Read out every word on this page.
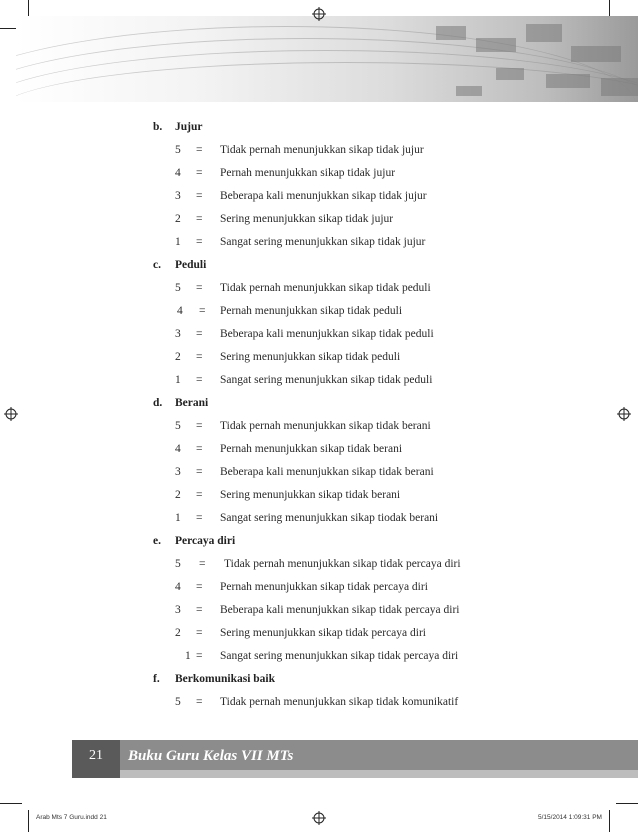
b. Jujur
5 = Tidak pernah menunjukkan sikap tidak jujur
4 = Pernah menunjukkan sikap tidak jujur
3 = Beberapa kali menunjukkan sikap tidak jujur
2 = Sering menunjukkan sikap tidak jujur
1 = Sangat sering menunjukkan sikap tidak jujur
c. Peduli
5 = Tidak pernah menunjukkan sikap tidak peduli
4 = Pernah menunjukkan sikap tidak peduli
3 = Beberapa kali menunjukkan sikap tidak peduli
2 = Sering menunjukkan sikap tidak peduli
1 = Sangat sering menunjukkan sikap tidak peduli
d. Berani
5 = Tidak pernah menunjukkan sikap tidak berani
4 = Pernah menunjukkan sikap tidak berani
3 = Beberapa kali menunjukkan sikap tidak berani
2 = Sering menunjukkan sikap tidak berani
1 = Sangat sering menunjukkan sikap tiodak berani
e. Percaya diri
5 = Tidak pernah menunjukkan sikap tidak percaya diri
4 = Pernah menunjukkan sikap tidak percaya diri
3 = Beberapa kali menunjukkan sikap tidak percaya diri
2 = Sering menunjukkan sikap tidak percaya diri
1 = Sangat sering menunjukkan sikap tidak percaya diri
f. Berkomunikasi baik
5 = Tidak pernah menunjukkan sikap tidak komunikatif
21	Buku Guru Kelas VII MTs
Arab Mts 7 Guru.indd 21	5/15/2014 1:09:31 PM
